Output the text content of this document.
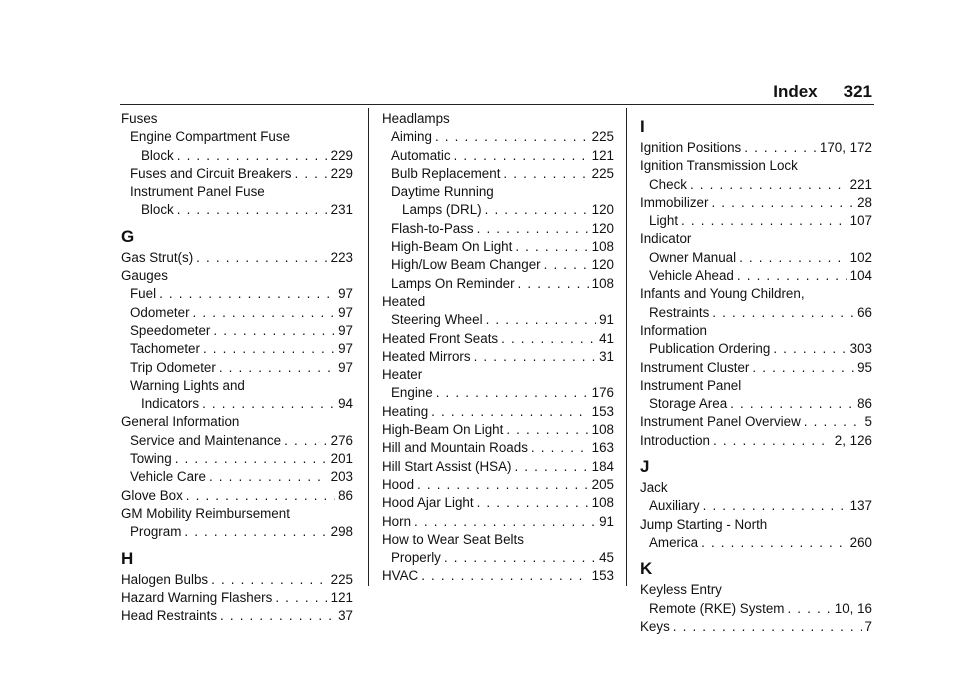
Index 321
Fuses
Engine Compartment Fuse
Block . . .	229
Fuses and Circuit Breakers . . .	229
Instrument Panel Fuse
Block . . .	231
G
Gas Strut(s) . . .	223
Gauges
Fuel . . .	97
Odometer . . .	97
Speedometer . . .	97
Tachometer . . .	97
Trip Odometer . . .	97
Warning Lights and
Indicators . . .	94
General Information
Service and Maintenance . . .	276
Towing . . .	201
Vehicle Care . . .	203
Glove Box . . .	86
GM Mobility Reimbursement
Program . . .	298
H
Halogen Bulbs . . .	225
Hazard Warning Flashers . . .	121
Head Restraints . . .	37
Headlamps
Aiming . . .	225
Automatic . . .	121
Bulb Replacement . . .	225
Daytime Running
Lamps (DRL) . . .	120
Flash-to-Pass . . .	120
High-Beam On Light . . .	108
High/Low Beam Changer . . .	120
Lamps On Reminder . . .	108
Heated
Steering Wheel . . .	91
Heated Front Seats . . .	41
Heated Mirrors . . .	31
Heater
Engine . . .	176
Heating . . .	153
High-Beam On Light . . .	108
Hill and Mountain Roads . . .	163
Hill Start Assist (HSA) . . .	184
Hood . . .	205
Hood Ajar Light . . .	108
Horn . . .	91
How to Wear Seat Belts
Properly . . .	45
HVAC . . .	153
I
Ignition Positions . . .	170, 172
Ignition Transmission Lock
Check . . .	221
Immobilizer . . .	28
Light . . .	107
Indicator
Owner Manual . . .	102
Vehicle Ahead . . .	104
Infants and Young Children,
Restraints . . .	66
Information
Publication Ordering . . .	303
Instrument Cluster . . .	95
Instrument Panel
Storage Area . . .	86
Instrument Panel Overview . . .	5
Introduction . . .	2, 126
J
Jack
Auxiliary . . .	137
Jump Starting - North
America . . .	260
K
Keyless Entry
Remote (RKE) System . . .	10, 16
Keys . . .	7
